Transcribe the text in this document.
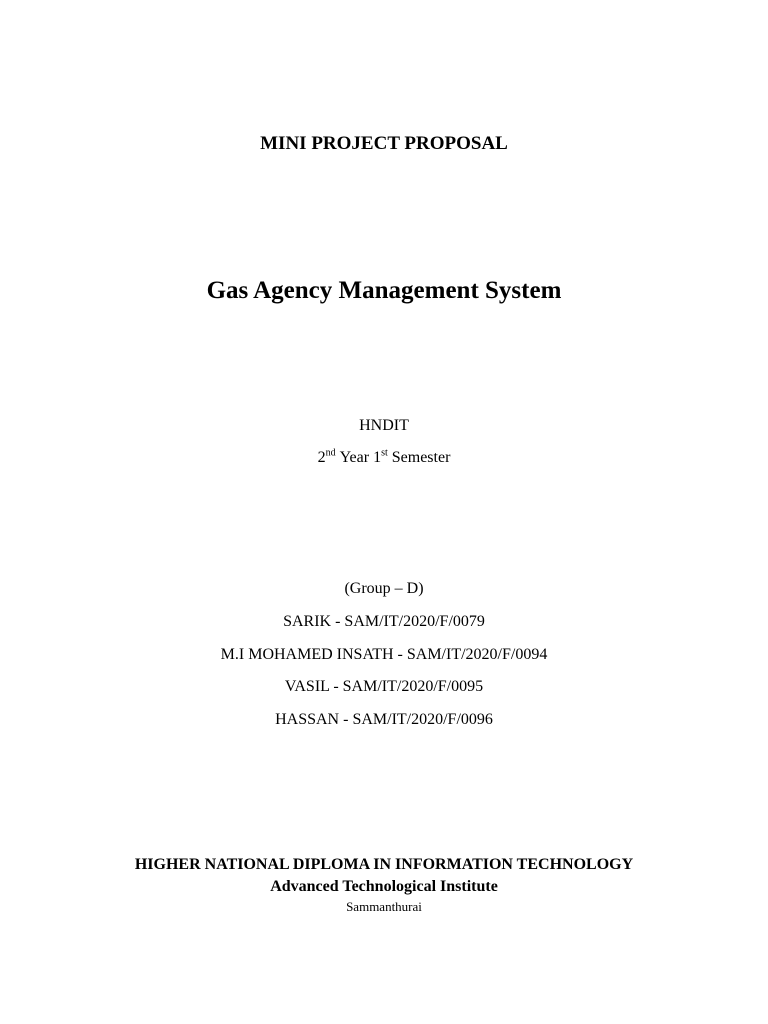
MINI PROJECT PROPOSAL
Gas Agency Management System
HNDIT
2nd Year 1st Semester
(Group – D)
SARIK - SAM/IT/2020/F/0079
M.I MOHAMED INSATH - SAM/IT/2020/F/0094
VASIL - SAM/IT/2020/F/0095
HASSAN - SAM/IT/2020/F/0096
HIGHER NATIONAL DIPLOMA IN INFORMATION TECHNOLOGY
Advanced Technological Institute
Sammanthurai
